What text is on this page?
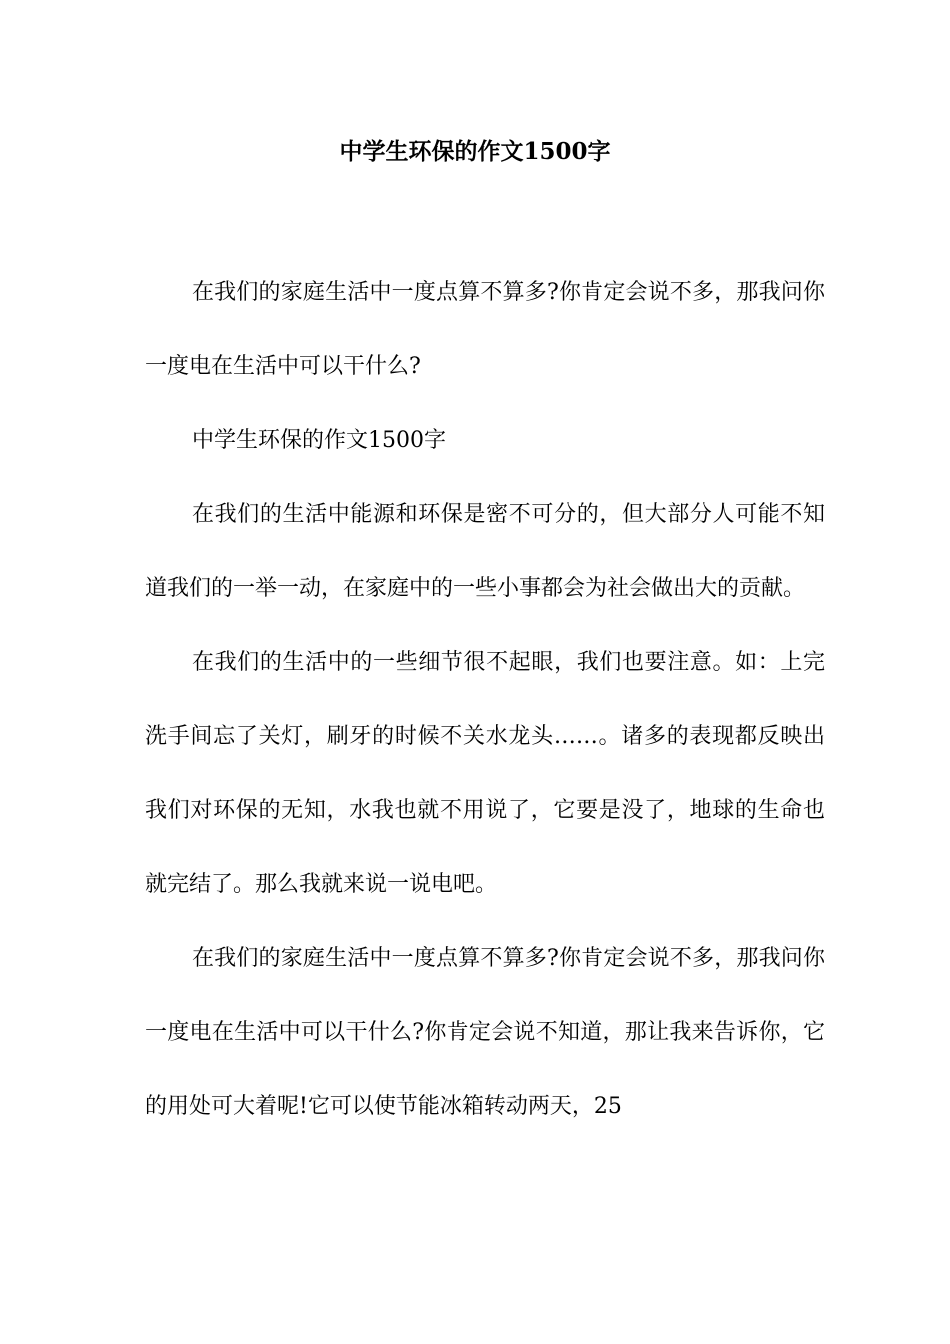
中学生环保的作文1500字

在我们的家庭生活中一度点算不算多?你肯定会说不多，那我问你一度电在生活中可以干什么?

中学生环保的作文1500字

在我们的生活中能源和环保是密不可分的，但大部分人可能不知道我们的一举一动，在家庭中的一些小事都会为社会做出大的贡献。

在我们的生活中的一些细节很不起眼，我们也要注意。如：上完洗手间忘了关灯，刷牙的时候不关水龙头……。诸多的表现都反映出我们对环保的无知，水我也就不用说了，它要是没了，地球的生命也就完结了。那么我就来说一说电吧。

在我们的家庭生活中一度点算不算多?你肯定会说不多，那我问你一度电在生活中可以干什么?你肯定会说不知道，那让我来告诉你，它的用处可大着呢!它可以使节能冰箱转动两天，25
